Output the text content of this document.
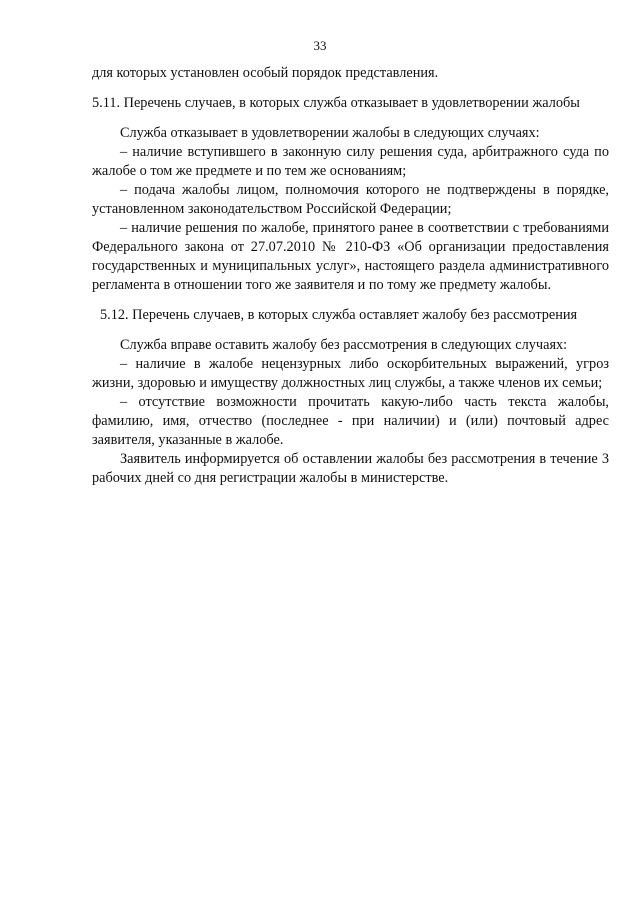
33

для которых установлен особый порядок представления.

5.11. Перечень случаев, в которых служба отказывает в удовлетворении жалобы

Служба отказывает в удовлетворении жалобы в следующих случаях:

– наличие вступившего в законную силу решения суда, арбитражного суда по жалобе о том же предмете и по тем же основаниям;

– подача жалобы лицом, полномочия которого не подтверждены в порядке, установленном законодательством Российской Федерации;

– наличие решения по жалобе, принятого ранее в соответствии с требованиями Федерального закона от 27.07.2010 № 210-ФЗ «Об организации предоставления государственных и муниципальных услуг», настоящего раздела административного регламента в отношении того же заявителя и по тому же предмету жалобы.

5.12. Перечень случаев, в которых служба оставляет жалобу без рассмотрения

Служба вправе оставить жалобу без рассмотрения в следующих случаях:

– наличие в жалобе нецензурных либо оскорбительных выражений, угроз жизни, здоровью и имуществу должностных лиц службы, а также членов их семьи;

– отсутствие возможности прочитать какую-либо часть текста жалобы, фамилию, имя, отчество (последнее - при наличии) и (или) почтовый адрес заявителя, указанные в жалобе.

Заявитель информируется об оставлении жалобы без рассмотрения в течение 3 рабочих дней со дня регистрации жалобы в министерстве.
